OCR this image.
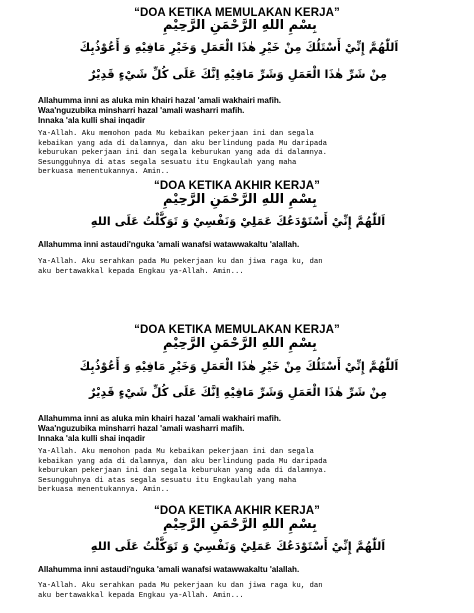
“DOA KETIKA MEMULAKAN KERJA”
بِسْمِ اللهِ الرَّحْمَنِ الرَّحِيْمِ
اَللّٰهُمَّ إِنِّيْ أَسْتَلُكَ مِنْ خَيْرِ هٰذَا الْعَمَلِ وَخَيْرِ مَافِيْهِ وَ أَعُوْذُبِكَ
مِنْ شَرِّ هٰذَا الْعَمَلِ وَشَرِّ مَافِيْهِ اِنَّكَ عَلَى كُلِّ شَيْءٍ قَدِيْرٌ
Allahumma inni as aluka min khairi hazal 'amali wakhairi mafih.
Waa'nguzubika minsharri hazal 'amali washarri mafih.
Innaka 'ala kulli shai inqadir
Ya-Allah. Aku memohon pada Mu kebaikan pekerjaan ini dan segala
kebaikan yang ada di dalamnya, dan aku berlindung pada Mu daripada
keburukan pekerjaan ini dan segala keburukan yang ada di dalamnya.
Sesungguhnya di atas segala sesuatu itu Engkaulah yang maha
berkuasa menentukannya. Amin..
“DOA KETIKA AKHIR KERJA”
بِسْمِ اللهِ الرَّحْمَنِ الرَّحِيْمِ
اَللّٰهُمَّ إِنِّيْ أَسْتَوْدَعُكَ عَمَلِيْ وَنَفْسِيْ وَ تَوَكَّلْتُ عَلَى اللهِ
Allahumma inni astaudi'nguka 'amali wanafsi watawwakaltu 'alallah.
Ya-Allah. Aku serahkan pada Mu pekerjaan ku dan jiwa raga ku, dan
aku bertawakkal kepada Engkau ya-Allah. Amin...
“DOA KETIKA MEMULAKAN KERJA”
بِسْمِ اللهِ الرَّحْمَنِ الرَّحِيْمِ
اَللّٰهُمَّ إِنِّيْ أَسْتَلُكَ مِنْ خَيْرِ هٰذَا الْعَمَلِ وَخَيْرِ مَافِيْهِ وَ أَعُوْذُبِكَ
مِنْ شَرِّ هٰذَا الْعَمَلِ وَشَرِّ مَافِيْهِ اِنَّكَ عَلَى كُلِّ شَيْءٍ قَدِيْرٌ
Allahumma inni as aluka min khairi hazal 'amali wakhairi mafih.
Waa'nguzubika minsharri hazal 'amali washarri mafih.
Innaka 'ala kulli shai inqadir
Ya-Allah. Aku memohon pada Mu kebaikan pekerjaan ini dan segala
kebaikan yang ada di dalamnya, dan aku berlindung pada Mu daripada
keburukan pekerjaan ini dan segala keburukan yang ada di dalamnya.
Sesungguhnya di atas segala sesuatu itu Engkaulah yang maha
berkuasa menentukannya. Amin..
“DOA KETIKA AKHIR KERJA”
بِسْمِ اللهِ الرَّحْمَنِ الرَّحِيْمِ
اَللّٰهُمَّ إِنِّيْ أَسْتَوْدَعُكَ عَمَلِيْ وَنَفْسِيْ وَ تَوَكَّلْتُ عَلَى اللهِ
Allahumma inni astaudi'nguka 'amali wanafsi watawwakaltu 'alallah.
Ya-Allah. Aku serahkan pada Mu pekerjaan ku dan jiwa raga ku, dan
aku bertawakkal kepada Engkau ya-Allah. Amin...
